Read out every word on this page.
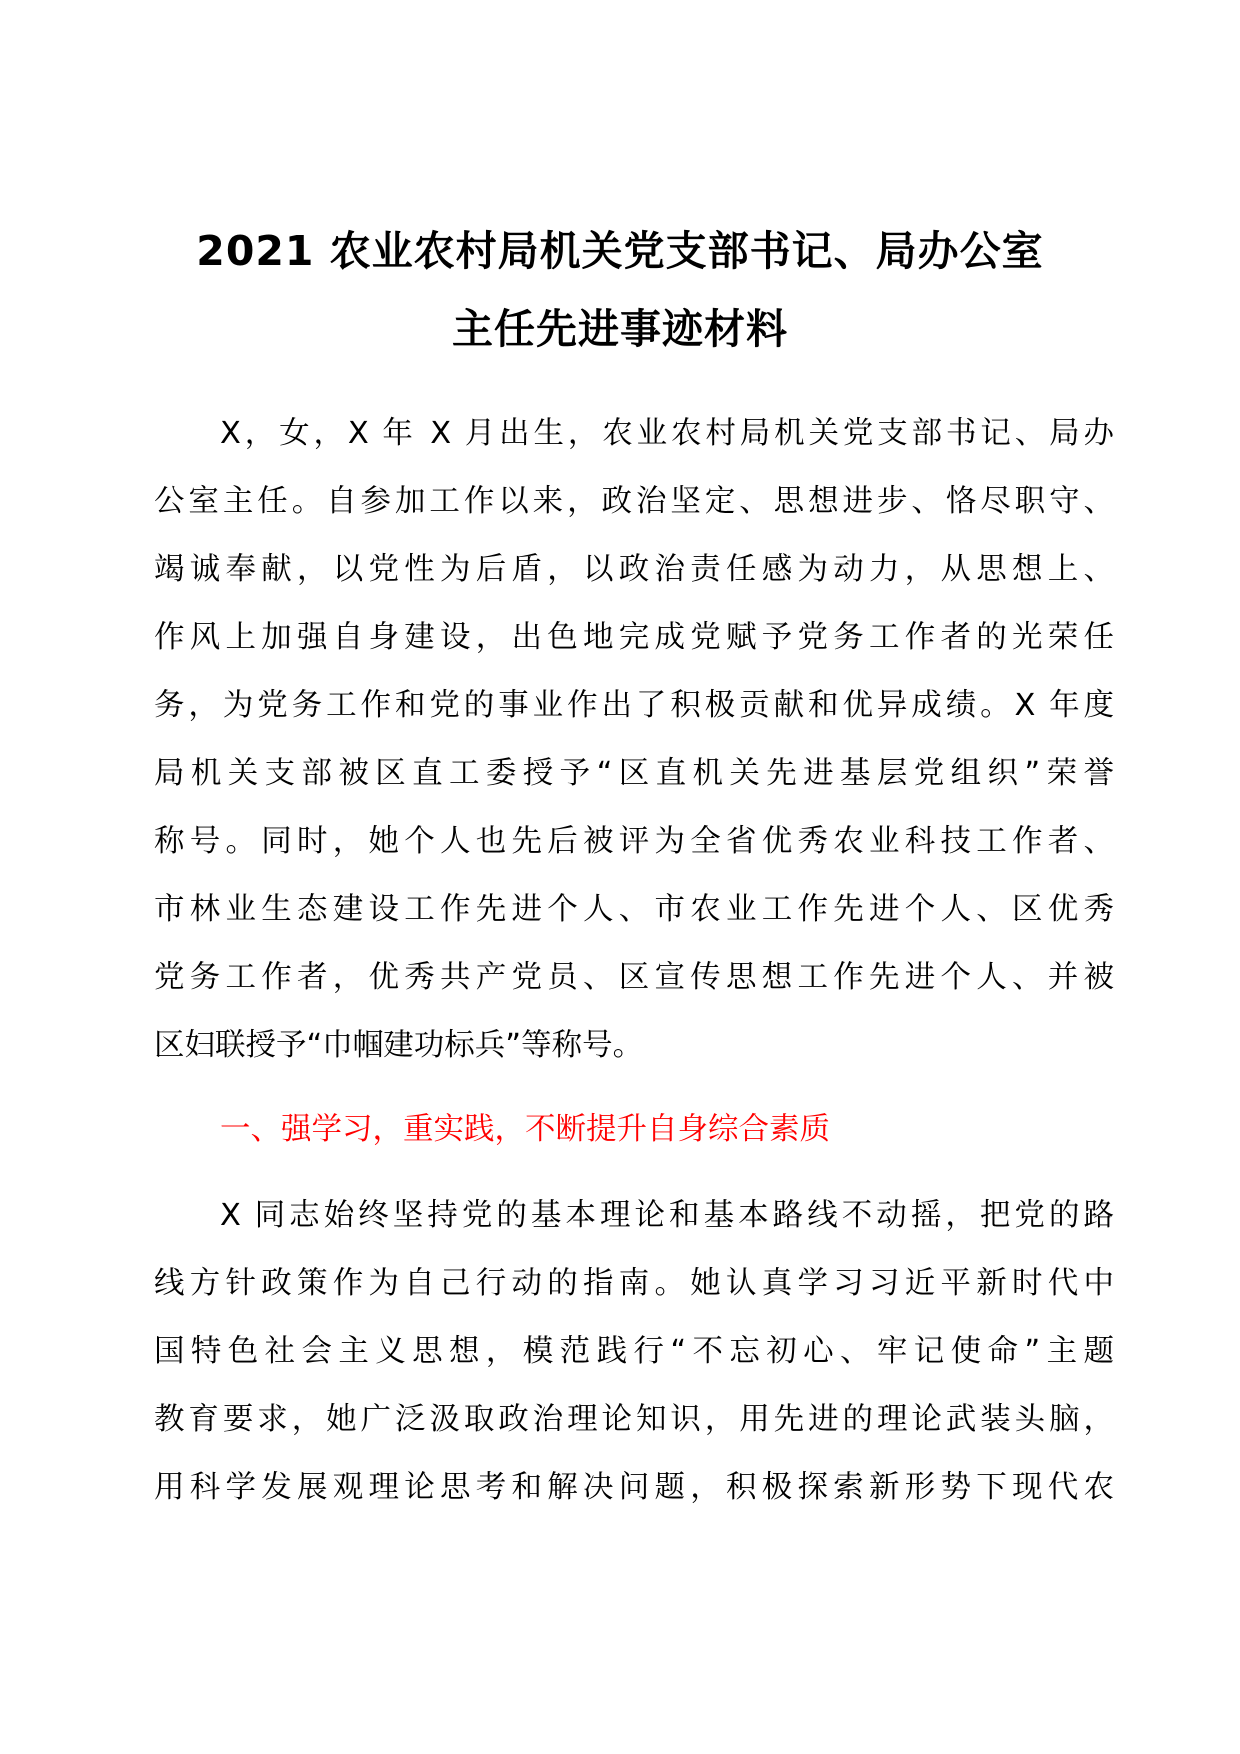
2021 农业农村局机关党支部书记、局办公室
主任先进事迹材料
X，女，X 年 X 月出生，农业农村局机关党支部书记、局办
公室主任。自参加工作以来，政治坚定、思想进步、恪尽职守、
竭诚奉献，以党性为后盾，以政治责任感为动力，从思想上、
作风上加强自身建设，出色地完成党赋予党务工作者的光荣任
务，为党务工作和党的事业作出了积极贡献和优异成绩。X 年度
局机关支部被区直工委授予“区直机关先进基层党组织”荣誉
称号。同时，她个人也先后被评为全省优秀农业科技工作者、
市林业生态建设工作先进个人、市农业工作先进个人、区优秀
党务工作者，优秀共产党员、区宣传思想工作先进个人、并被
区妇联授予“巾帼建功标兵”等称号。
一、强学习，重实践，不断提升自身综合素质
X 同志始终坚持党的基本理论和基本路线不动摇，把党的路
线方针政策作为自己行动的指南。她认真学习习近平新时代中
国特色社会主义思想，模范践行“不忘初心、牢记使命”主题
教育要求，她广泛汲取政治理论知识，用先进的理论武装头脑，
用科学发展观理论思考和解决问题，积极探索新形势下现代农
